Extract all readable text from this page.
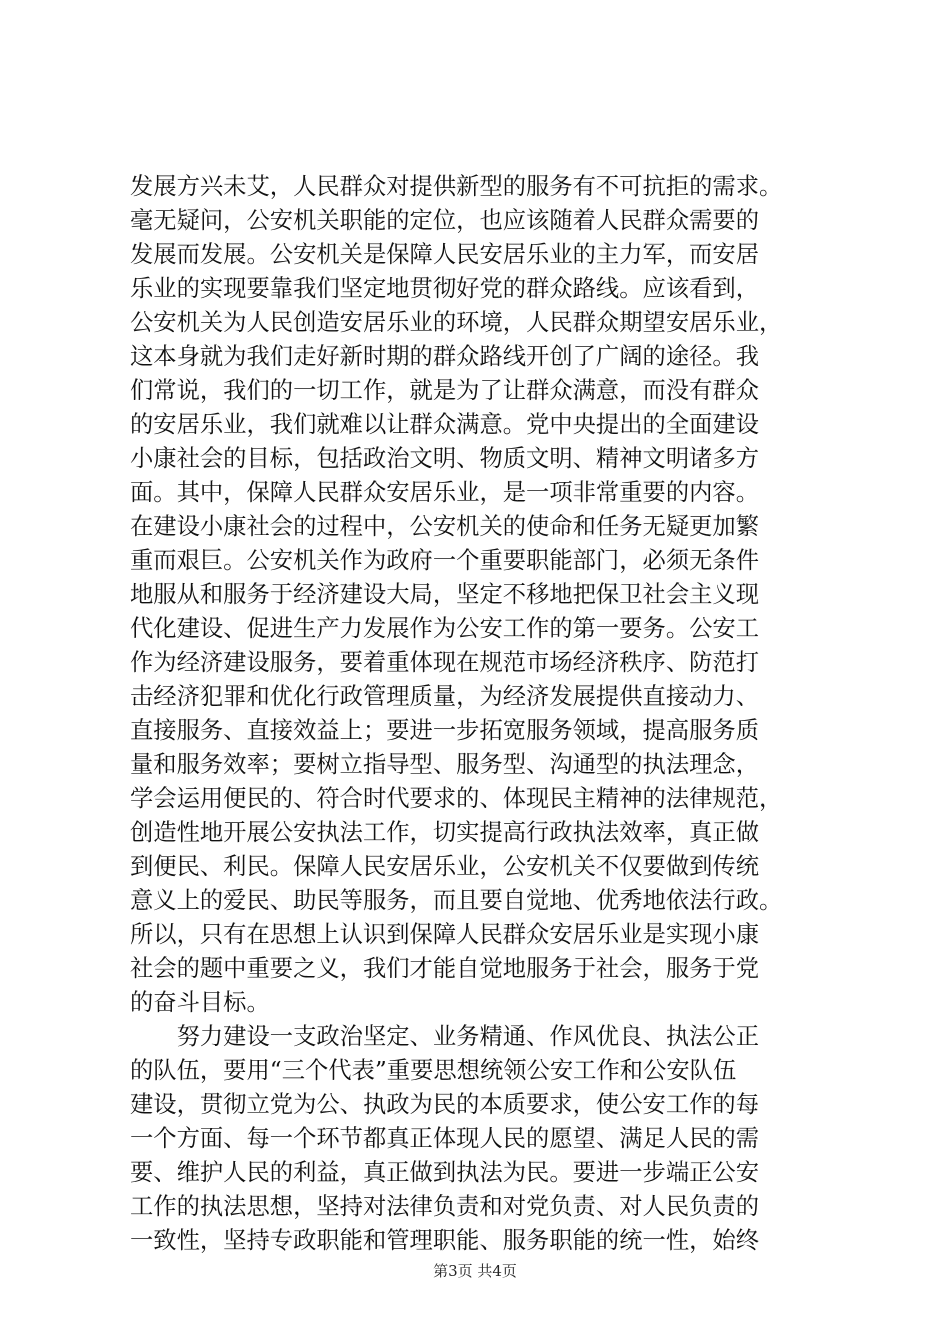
发展方兴未艾，人民群众对提供新型的服务有不可抗拒的需求。
毫无疑问，公安机关职能的定位，也应该随着人民群众需要的
发展而发展。公安机关是保障人民安居乐业的主力军，而安居
乐业的实现要靠我们坚定地贯彻好党的群众路线。应该看到，
公安机关为人民创造安居乐业的环境，人民群众期望安居乐业，
这本身就为我们走好新时期的群众路线开创了广阔的途径。我
们常说，我们的一切工作，就是为了让群众满意，而没有群众
的安居乐业，我们就难以让群众满意。党中央提出的全面建设
小康社会的目标，包括政治文明、物质文明、精神文明诸多方
面。其中，保障人民群众安居乐业，是一项非常重要的内容。
在建设小康社会的过程中，公安机关的使命和任务无疑更加繁
重而艰巨。公安机关作为政府一个重要职能部门，必须无条件
地服从和服务于经济建设大局，坚定不移地把保卫社会主义现
代化建设、促进生产力发展作为公安工作的第一要务。公安工
作为经济建设服务，要着重体现在规范市场经济秩序、防范打
击经济犯罪和优化行政管理质量，为经济发展提供直接动力、
直接服务、直接效益上；要进一步拓宽服务领域，提高服务质
量和服务效率；要树立指导型、服务型、沟通型的执法理念，
学会运用便民的、符合时代要求的、体现民主精神的法律规范，
创造性地开展公安执法工作，切实提高行政执法效率，真正做
到便民、利民。保障人民安居乐业，公安机关不仅要做到传统
意义上的爱民、助民等服务，而且要自觉地、优秀地依法行政。
所以，只有在思想上认识到保障人民群众安居乐业是实现小康
社会的题中重要之义，我们才能自觉地服务于社会，服务于党
的奋斗目标。
　　努力建设一支政治坚定、业务精通、作风优良、执法公正
的队伍，要用“三个代表”重要思想统领公安工作和公安队伍
建设，贯彻立党为公、执政为民的本质要求，使公安工作的每
一个方面、每一个环节都真正体现人民的愿望、满足人民的需
要、维护人民的利益，真正做到执法为民。要进一步端正公安
工作的执法思想，坚持对法律负责和对党负责、对人民负责的
一致性，坚持专政职能和管理职能、服务职能的统一性，始终
第3页 共4页
